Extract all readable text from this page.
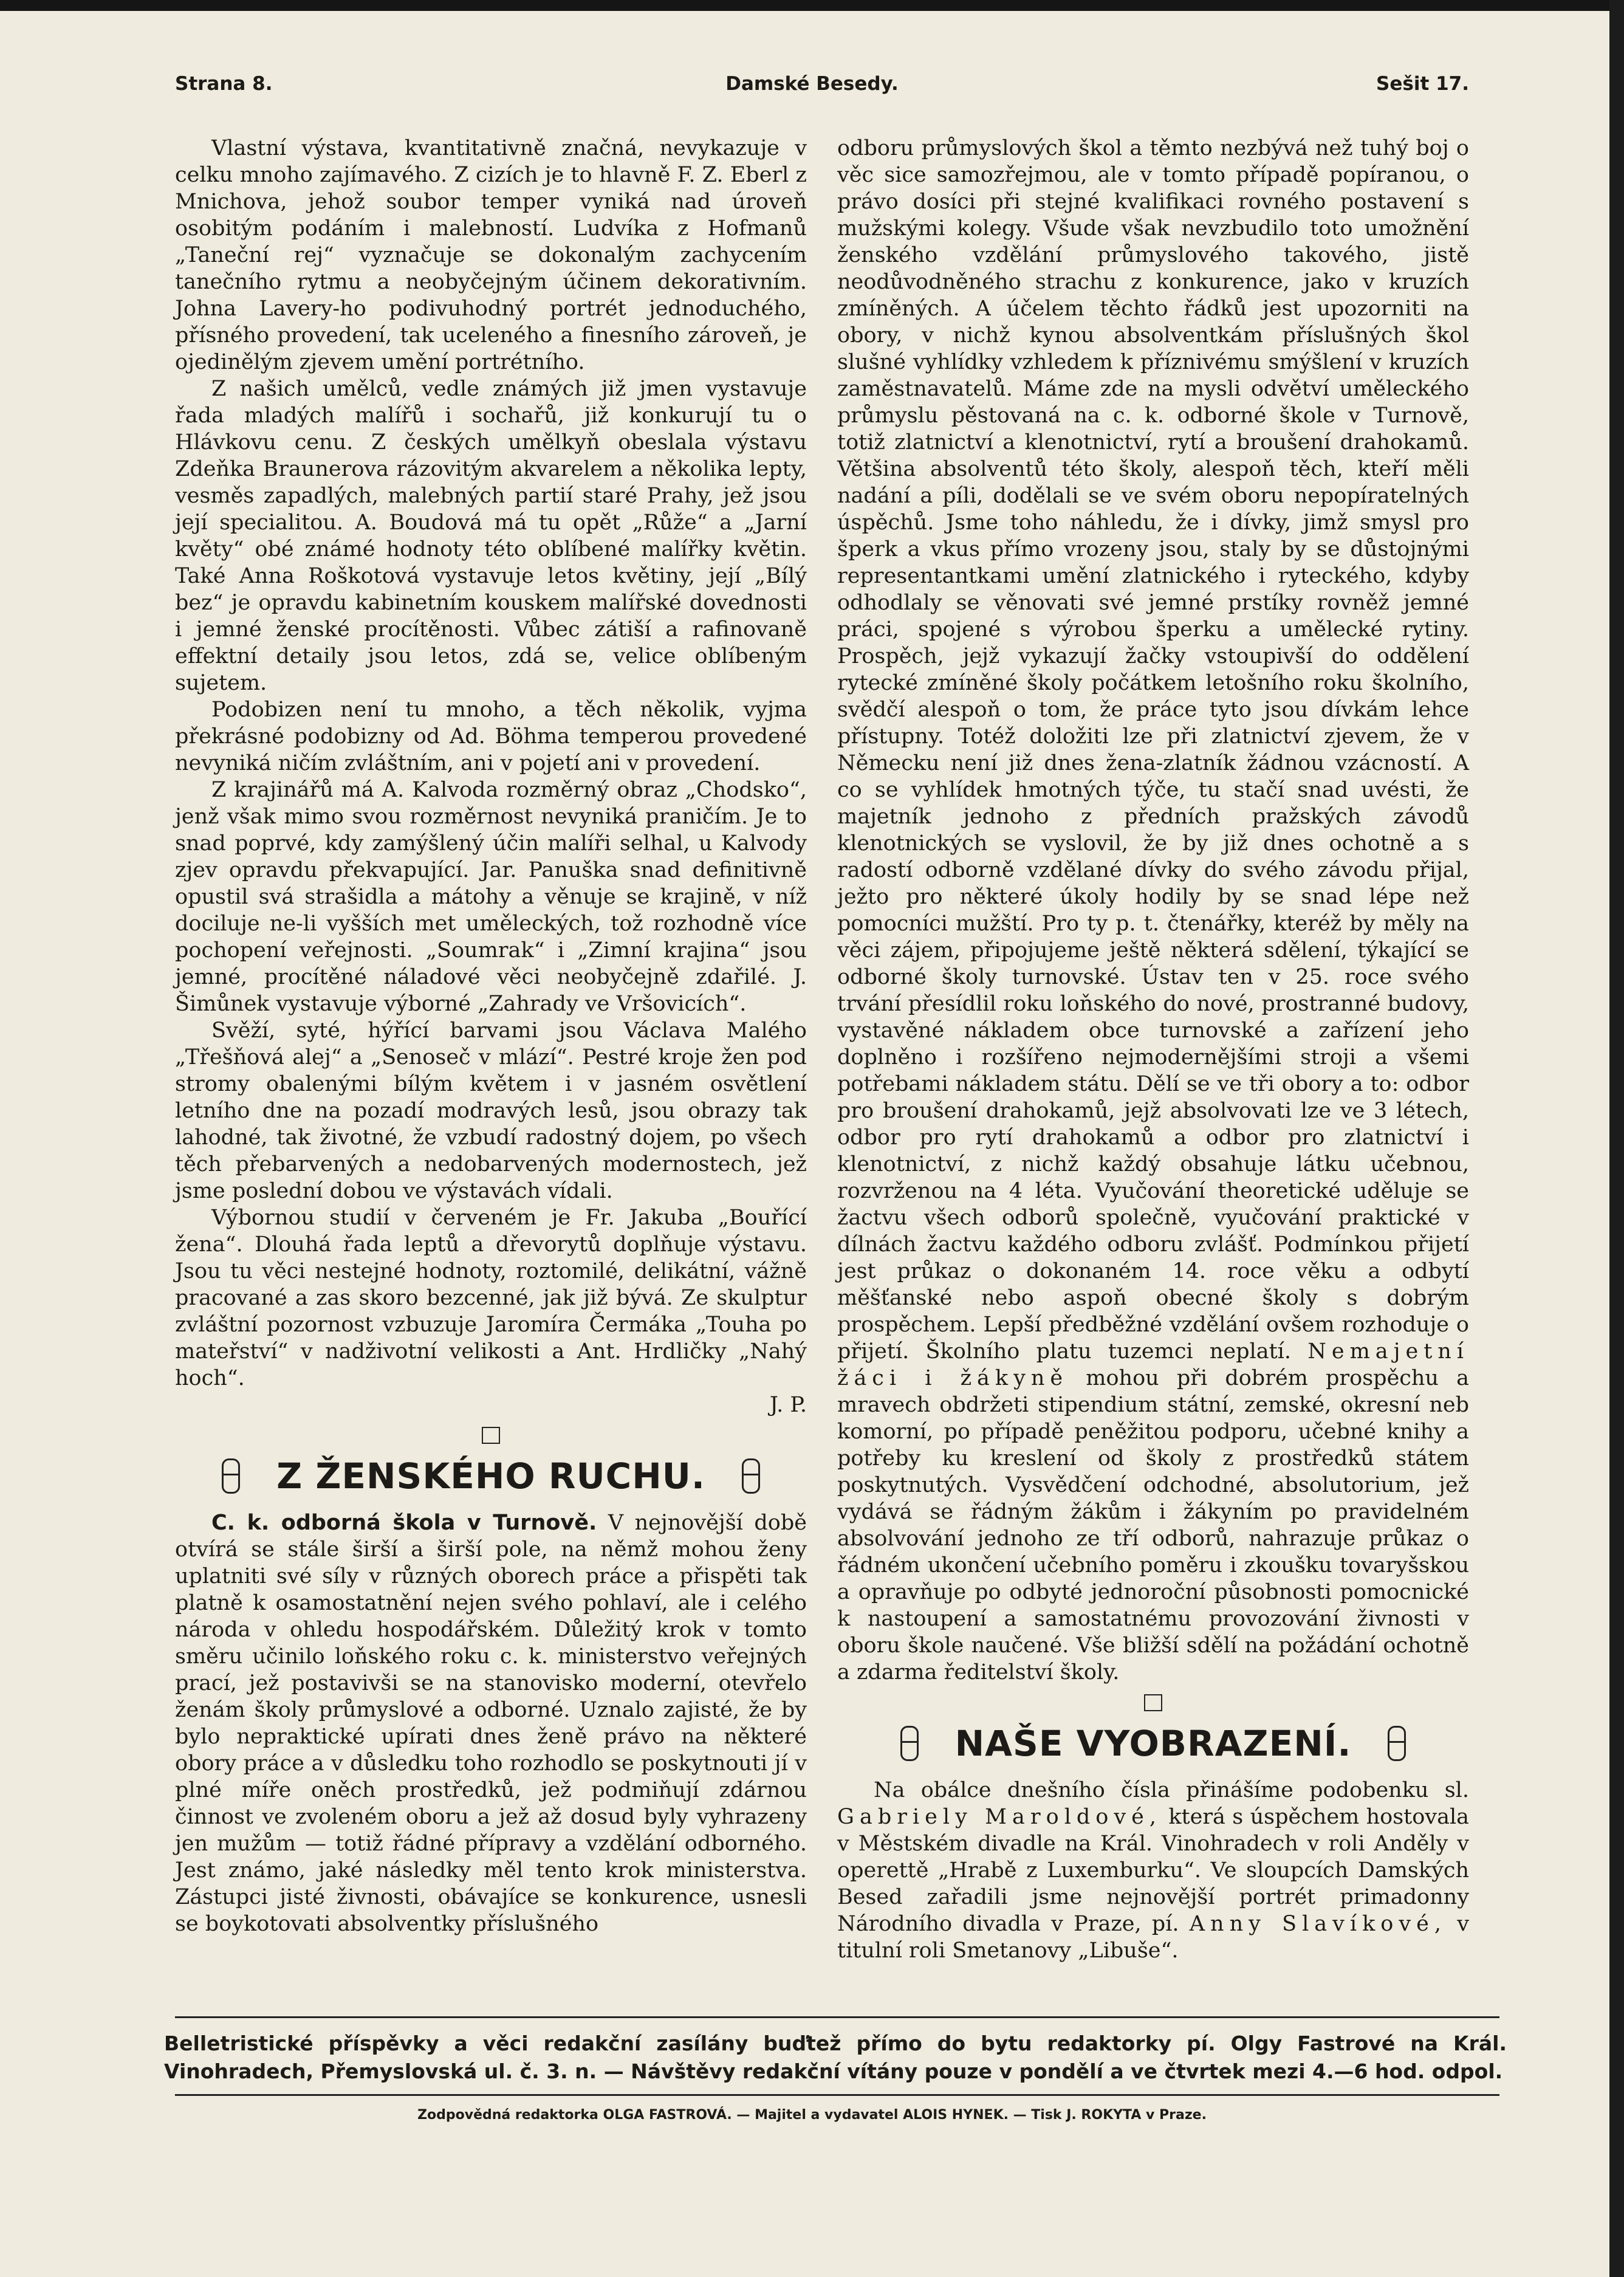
Strana 8.	Damské Besedy.	Sešit 17.

Vlastní výstava, kvantitativně značná, nevykazuje v celku mnoho zajímavého. Z cizích je to hlavně F. Z. Eberl z Mnichova, jehož soubor temper vyniká nad úroveň osobitým podáním i malebností. Ludvíka z Hofmanů „Taneční rej“ vyznačuje se dokonalým zachycením tanečního rytmu a neobyčejným účinem dekorativním. Johna Lavery-ho podivuhodný portrét jednoduchého, přísného provedení, tak uceleného a finesního zároveň, je ojedinělým zjevem umění portrétního.

Z našich umělců, vedle známých již jmen vystavuje řada mladých malířů i sochařů, již konkurují tu o Hlávkovu cenu. Z českých umělkyň obeslala výstavu Zdeňka Braunerova rázovitým akvarelem a několika lepty, vesměs zapadlých, malebných partií staré Prahy, jež jsou její specialitou. A. Boudová má tu opět „Růže“ a „Jarní květy“ obé známé hodnoty této oblíbené malířky květin. Také Anna Roškotová vystavuje letos květiny, její „Bílý bez“ je opravdu kabinetním kouskem malířské dovednosti i jemné ženské procítěnosti. Vůbec zátiší a rafinovaně effektní detaily jsou letos, zdá se, velice oblíbeným sujetem.

Podobizen není tu mnoho, a těch několik, vyjma překrásné podobizny od Ad. Böhma temperou provedené nevyniká ničím zvláštním, ani v pojetí ani v provedení.

Z krajinářů má A. Kalvoda rozměrný obraz „Chodsko“, jenž však mimo svou rozměrnost nevyniká praničím. Je to snad poprvé, kdy zamýšlený účin malíři selhal, u Kalvody zjev opravdu překvapující. Jar. Panuška snad definitivně opustil svá strašidla a mátohy a věnuje se krajině, v níž dociluje ne-li vyšších met uměleckých, tož rozhodně více pochopení veřejnosti. „Soumrak“ i „Zimní krajina“ jsou jemné, procítěné náladové věci neobyčejně zdařilé. J. Šimůnek vystavuje výborné „Zahrady ve Vršovicích“.

Svěží, syté, hýřící barvami jsou Václava Malého „Třešňová alej“ a „Senoseč v mlází“. Pestré kroje žen pod stromy obalenými bílým květem i v jasném osvětlení letního dne na pozadí modravých lesů, jsou obrazy tak lahodné, tak životné, že vzbudí radostný dojem, po všech těch přebarvených a nedobarvených modernostech, jež jsme poslední dobou ve výstavách vídali.

Výbornou studií v červeném je Fr. Jakuba „Bouřící žena“. Dlouhá řada leptů a dřevorytů doplňuje výstavu. Jsou tu věci nestejné hodnoty, roztomilé, delikátní, vážně pracované a zas skoro bezcenné, jak již bývá. Ze skulptur zvláštní pozornost vzbuzuje Jaromíra Čermáka „Touha po mateřství“ v nadživotní velikosti a Ant. Hrdličky „Nahý hoch“.

J. P.

Z ŽENSKÉHO RUCHU.

C. k. odborná škola v Turnově. V nejnovější době otvírá se stále širší a širší pole, na němž mohou ženy uplatniti své síly v různých oborech práce a přispěti tak platně k osamostatnění nejen svého pohlaví, ale i celého národa v ohledu hospodářském. Důležitý krok v tomto směru učinilo loňského roku c. k. ministerstvo veřejných prací, jež postavivši se na stanovisko moderní, otevřelo ženám školy průmyslové a odborné. Uznalo zajisté, že by bylo nepraktické upírati dnes ženě právo na některé obory práce a v důsledku toho rozhodlo se poskytnouti jí v plné míře oněch prostředků, jež podmiňují zdárnou činnost ve zvoleném oboru a jež až dosud byly vyhrazeny jen mužům — totiž řádné přípravy a vzdělání odborného. Jest známo, jaké následky měl tento krok ministerstva. Zástupci jisté živnosti, obávajíce se konkurence, usnesli se boykotovati absolventky příslušného

odboru průmyslových škol a těmto nezbývá než tuhý boj o věc sice samozřejmou, ale v tomto případě popíranou, o právo dosíci při stejné kvalifikaci rovného postavení s mužskými kolegy. Všude však nevzbudilo toto umožnění ženského vzdělání průmyslového takového, jistě neodůvodněného strachu z konkurence, jako v kruzích zmíněných. A účelem těchto řádků jest upozorniti na obory, v nichž kynou absolventkám příslušných škol slušné vyhlídky vzhledem k příznivému smýšlení v kruzích zaměstnavatelů. Máme zde na mysli odvětví uměleckého průmyslu pěstovaná na c. k. odborné škole v Turnově, totiž zlatnictví a klenotnictví, rytí a broušení drahokamů. Většina absolventů této školy, alespoň těch, kteří měli nadání a píli, dodělali se ve svém oboru nepopíratelných úspěchů. Jsme toho náhledu, že i dívky, jimž smysl pro šperk a vkus přímo vrozeny jsou, staly by se důstojnými representantkami umění zlatnického i ryteckého, kdyby odhodlaly se věnovati své jemné prstíky rovněž jemné práci, spojené s výrobou šperku a umělecké rytiny. Prospěch, jejž vykazují žačky vstoupivší do oddělení rytecké zmíněné školy počátkem letošního roku školního, svědčí alespoň o tom, že práce tyto jsou dívkám lehce přístupny. Totéž doložiti lze při zlatnictví zjevem, že v Německu není již dnes žena-zlatník žádnou vzácností. A co se vyhlídek hmotných týče, tu stačí snad uvésti, že majetník jednoho z předních pražských závodů klenotnických se vyslovil, že by již dnes ochotně a s radostí odborně vzdělané dívky do svého závodu přijal, ježto pro některé úkoly hodily by se snad lépe než pomocníci mužští. Pro ty p. t. čtenářky, kteréž by měly na věci zájem, připojujeme ještě některá sdělení, týkající se odborné školy turnovské. Ústav ten v 25. roce svého trvání přesídlil roku loňského do nové, prostranné budovy, vystavěné nákladem obce turnovské a zařízení jeho doplněno i rozšířeno nejmodernějšími stroji a všemi potřebami nákladem státu. Dělí se ve tři obory a to: odbor pro broušení drahokamů, jejž absolvovati lze ve 3 létech, odbor pro rytí drahokamů a odbor pro zlatnictví i klenotnictví, z nichž každý obsahuje látku učebnou, rozvrženou na 4 léta. Vyučování theoretické uděluje se žactvu všech odborů společně, vyučování praktické v dílnách žactvu každého odboru zvlášť. Podmínkou přijetí jest průkaz o dokonaném 14. roce věku a odbytí měšťanské nebo aspoň obecné školy s dobrým prospěchem. Lepší předběžné vzdělání ovšem rozhoduje o přijetí. Školního platu tuzemci neplatí. Nemajetní žáci i žákyně mohou při dobrém prospěchu a mravech obdržeti stipendium státní, zemské, okresní neb komorní, po případě peněžitou podporu, učebné knihy a potřeby ku kreslení od školy z prostředků státem poskytnutých. Vysvědčení odchodné, absolutorium, jež vydává se řádným žákům i žákyním po pravidelném absolvování jednoho ze tří odborů, nahrazuje průkaz o řádném ukončení učebního poměru i zkoušku tovaryšskou a opravňuje po odbyté jednoroční působnosti pomocnické k nastoupení a samostatnému provozování živnosti v oboru škole naučené. Vše bližší sdělí na požádání ochotně a zdarma ředitelství školy.

NAŠE VYOBRAZENÍ.

Na obálce dnešního čísla přinášíme podobenku sl. Gabriely Maroldové, která s úspěchem hostovala v Městském divadle na Král. Vinohradech v roli Anděly v operettě „Hrabě z Luxemburku“. Ve sloupcích Damských Besed zařadili jsme nejnovější portrét primadonny Národního divadla v Praze, pí. Anny Slavíkové, v titulní roli Smetanovy „Libuše“.

Belletristické příspěvky a věci redakční zasílány buďtež přímo do bytu redaktorky pí. Olgy Fastrové na Král. Vinohradech, Přemyslovská ul. č. 3. n. — Návštěvy redakční vítány pouze v pondělí a ve čtvrtek mezi 4.—6 hod. odpol.
Zodpovědná redaktorka OLGA FASTROVÁ. — Majitel a vydavatel ALOIS HYNEK. — Tisk J. ROKYTA v Praze.
